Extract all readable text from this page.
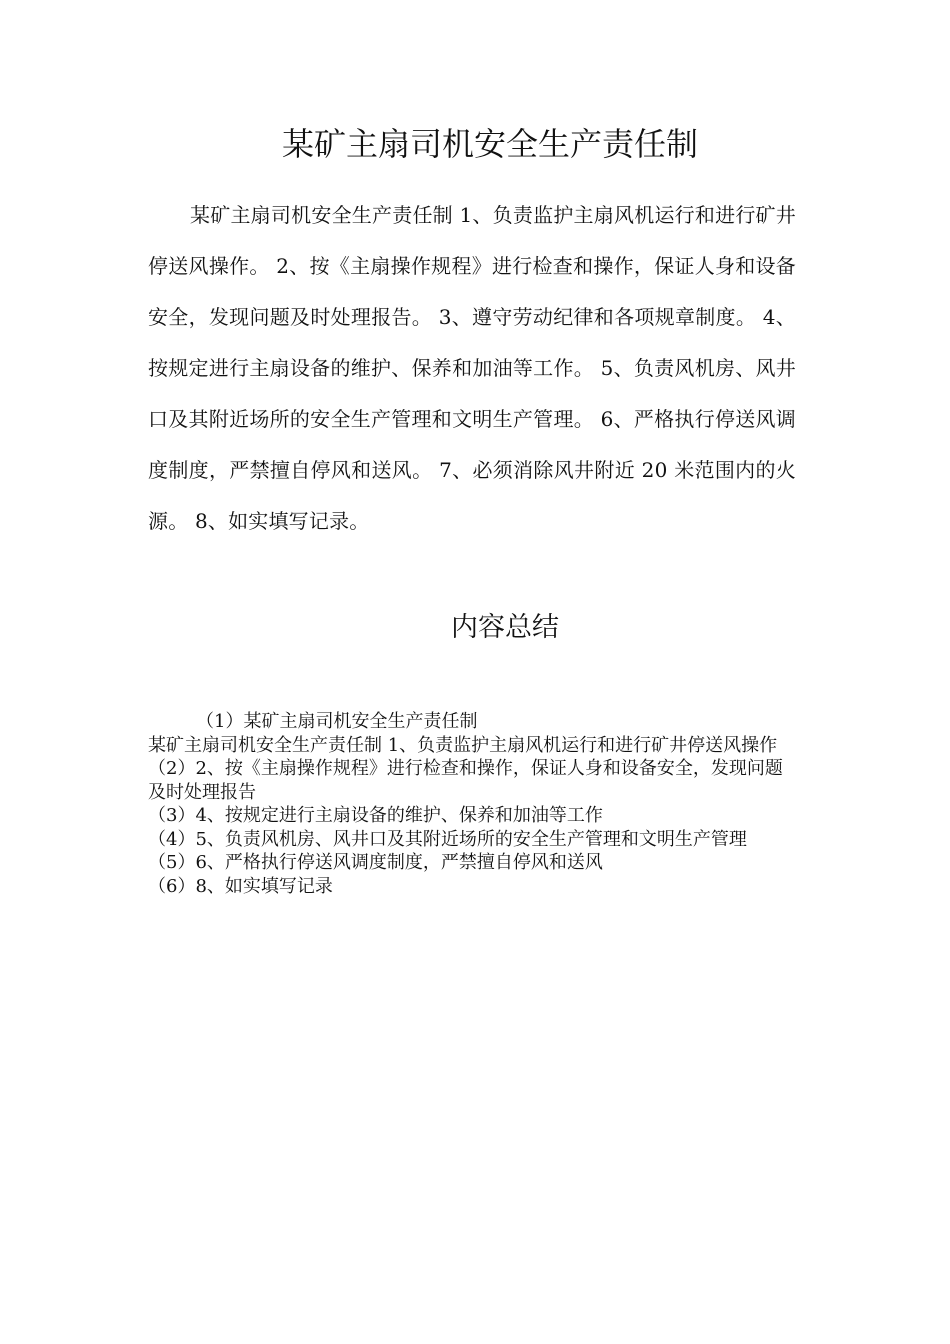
某矿主扇司机安全生产责任制

某矿主扇司机安全生产责任制 1、负责监护主扇风机运行和进行矿井停送风操作。 2、按《主扇操作规程》进行检查和操作，保证人身和设备安全，发现问题及时处理报告。 3、遵守劳动纪律和各项规章制度。 4、按规定进行主扇设备的维护、保养和加油等工作。 5、负责风机房、风井口及其附近场所的安全生产管理和文明生产管理。 6、严格执行停送风调度制度，严禁擅自停风和送风。 7、必须消除风井附近 20 米范围内的火源。 8、如实填写记录。

内容总结

（1）某矿主扇司机安全生产责任制

某矿主扇司机安全生产责任制 1、负责监护主扇风机运行和进行矿井停送风操作

（2）2、按《主扇操作规程》进行检查和操作，保证人身和设备安全，发现问题及时处理报告

（3）4、按规定进行主扇设备的维护、保养和加油等工作

（4）5、负责风机房、风井口及其附近场所的安全生产管理和文明生产管理

（5）6、严格执行停送风调度制度，严禁擅自停风和送风

（6）8、如实填写记录
